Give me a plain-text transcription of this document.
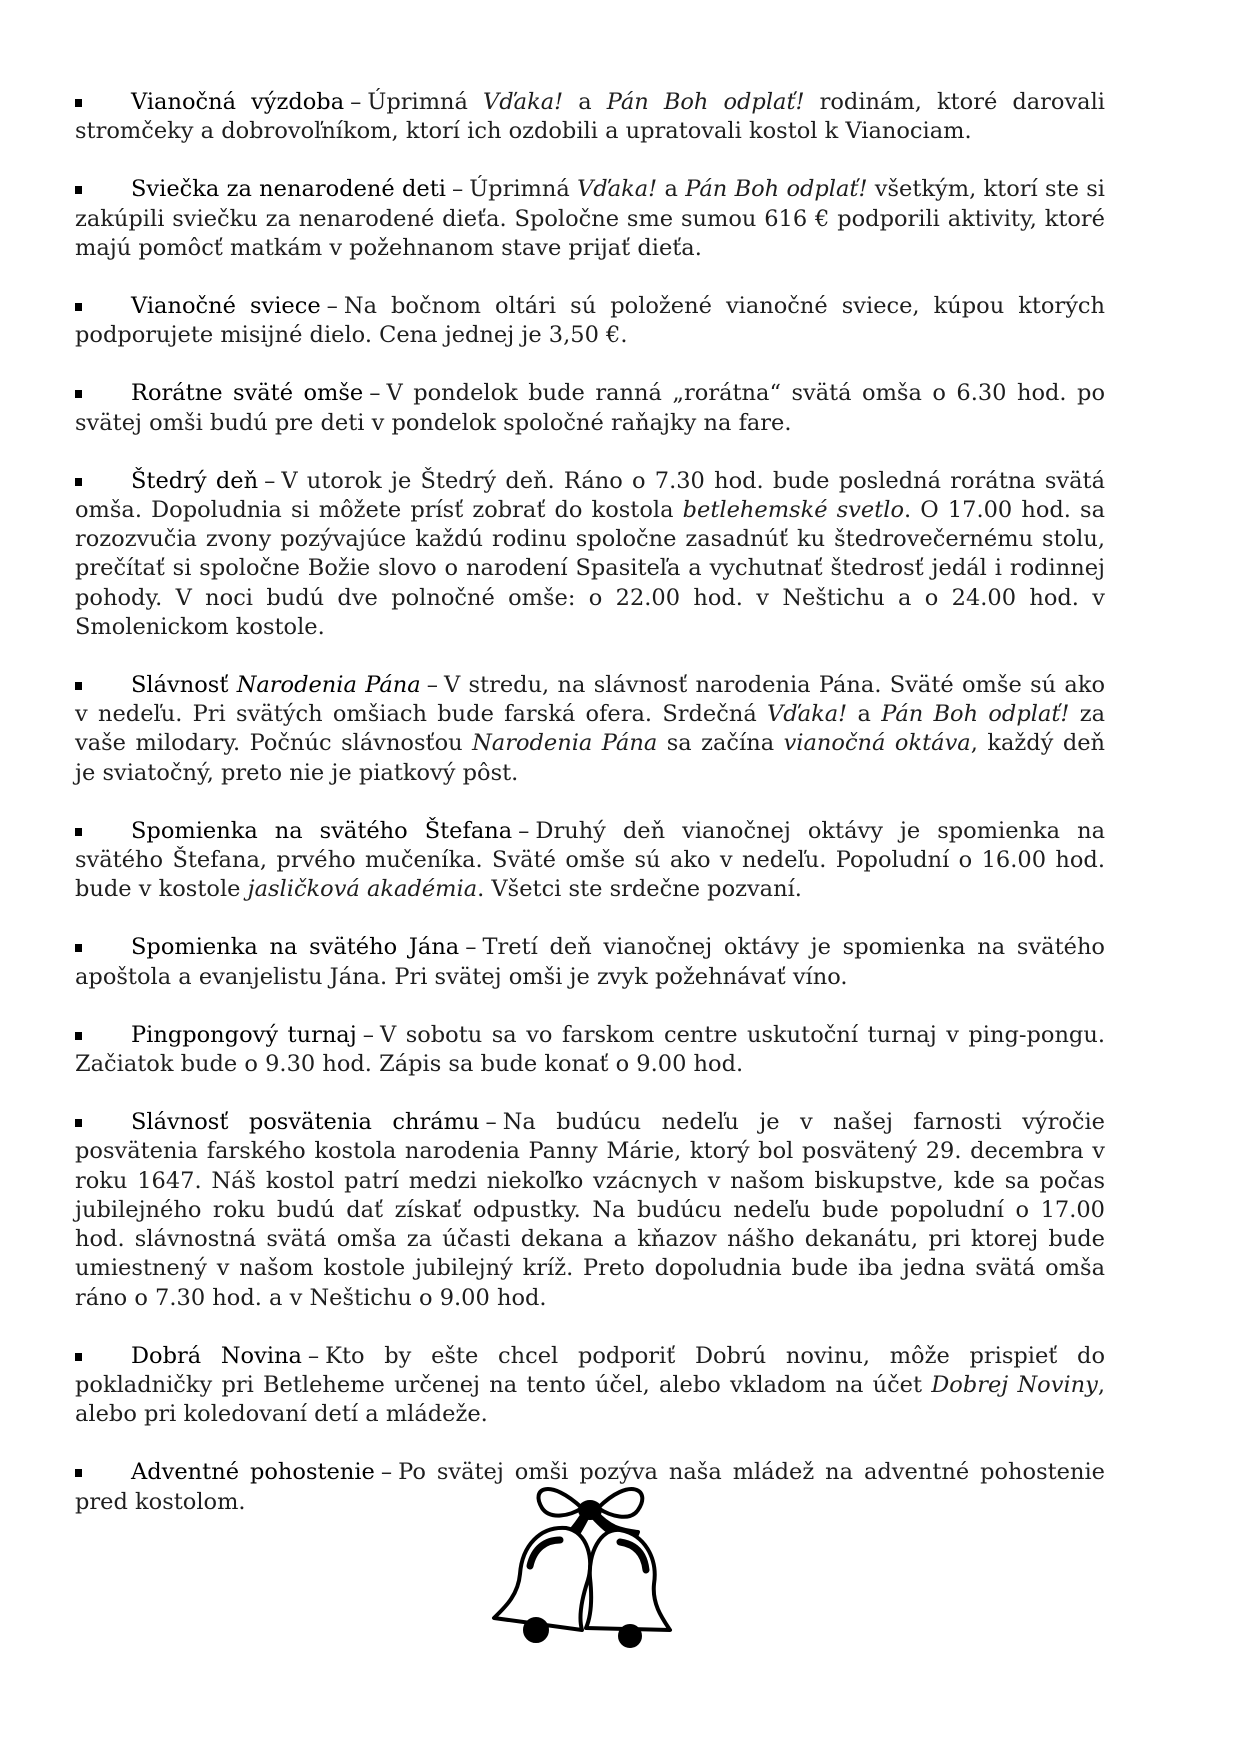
Vianočná výzdoba – Úprimná Vďaka! a Pán Boh odplať! rodinám, ktoré darovali stromčeky a dobrovoľníkom, ktorí ich ozdobili a upratovali kostol k Vianociam.

Sviečka za nenarodené deti – Úprimná Vďaka! a Pán Boh odplať! všetkým, ktorí ste si zakúpili sviečku za nenarodené dieťa. Spoločne sme sumou 616 € podporili aktivity, ktoré majú pomôcť matkám v požehnanom stave prijať dieťa.

Vianočné sviece – Na bočnom oltári sú položené vianočné sviece, kúpou ktorých podporujete misijné dielo. Cena jednej je 3,50 €.

Rorátne sväté omše – V pondelok bude ranná „rorátna“ svätá omša o 6.30 hod. po svätej omši budú pre deti v pondelok spoločné raňajky na fare.

Štedrý deň – V utorok je Štedrý deň. Ráno o 7.30 hod. bude posledná rorátna svätá omša. Dopoludnia si môžete prísť zobrať do kostola betlehemské svetlo. O 17.00 hod. sa rozozvučia zvony pozývajúce každú rodinu spoločne zasadnúť ku štedrovečernému stolu, prečítať si spoločne Božie slovo o narodení Spasiteľa a vychutnať štedrosť jedál i rodinnej pohody. V noci budú dve polnočné omše: o 22.00 hod. v Neštichu a o 24.00 hod. v Smolenickom kostole.

Slávnosť Narodenia Pána – V stredu, na slávnosť narodenia Pána. Sväté omše sú ako v nedeľu. Pri svätých omšiach bude farská ofera. Srdečná Vďaka! a Pán Boh odplať! za vaše milodary. Počnúc slávnosťou Narodenia Pána sa začína vianočná oktáva, každý deň je sviatočný, preto nie je piatkový pôst.

Spomienka na svätého Štefana – Druhý deň vianočnej oktávy je spomienka na svätého Štefana, prvého mučeníka. Sväté omše sú ako v nedeľu. Popoludní o 16.00 hod. bude v kostole jasličková akadémia. Všetci ste srdečne pozvaní.

Spomienka na svätého Jána – Tretí deň vianočnej oktávy je spomienka na svätého apoštola a evanjelistu Jána. Pri svätej omši je zvyk požehnávať víno.

Pingpongový turnaj – V sobotu sa vo farskom centre uskutoční turnaj v ping-pongu. Začiatok bude o 9.30 hod. Zápis sa bude konať o 9.00 hod.

Slávnosť posvätenia chrámu – Na budúcu nedeľu je v našej farnosti výročie posvätenia farského kostola narodenia Panny Márie, ktorý bol posvätený 29. decembra v roku 1647. Náš kostol patrí medzi niekoľko vzácnych v našom biskupstve, kde sa počas jubilejného roku budú dať získať odpustky. Na budúcu nedeľu bude popoludní o 17.00 hod. slávnostná svätá omša za účasti dekana a kňazov nášho dekanátu, pri ktorej bude umiestnený v našom kostole jubilejný kríž. Preto dopoludnia bude iba jedna svätá omša ráno o 7.30 hod. a v Neštichu o 9.00 hod.

Dobrá Novina – Kto by ešte chcel podporiť Dobrú novinu, môže prispieť do pokladničky pri Betleheme určenej na tento účel, alebo vkladom na účet Dobrej Noviny, alebo pri koledovaní detí a mládeže.

Adventné pohostenie – Po svätej omši pozýva naša mládež na adventné pohostenie pred kostolom.
